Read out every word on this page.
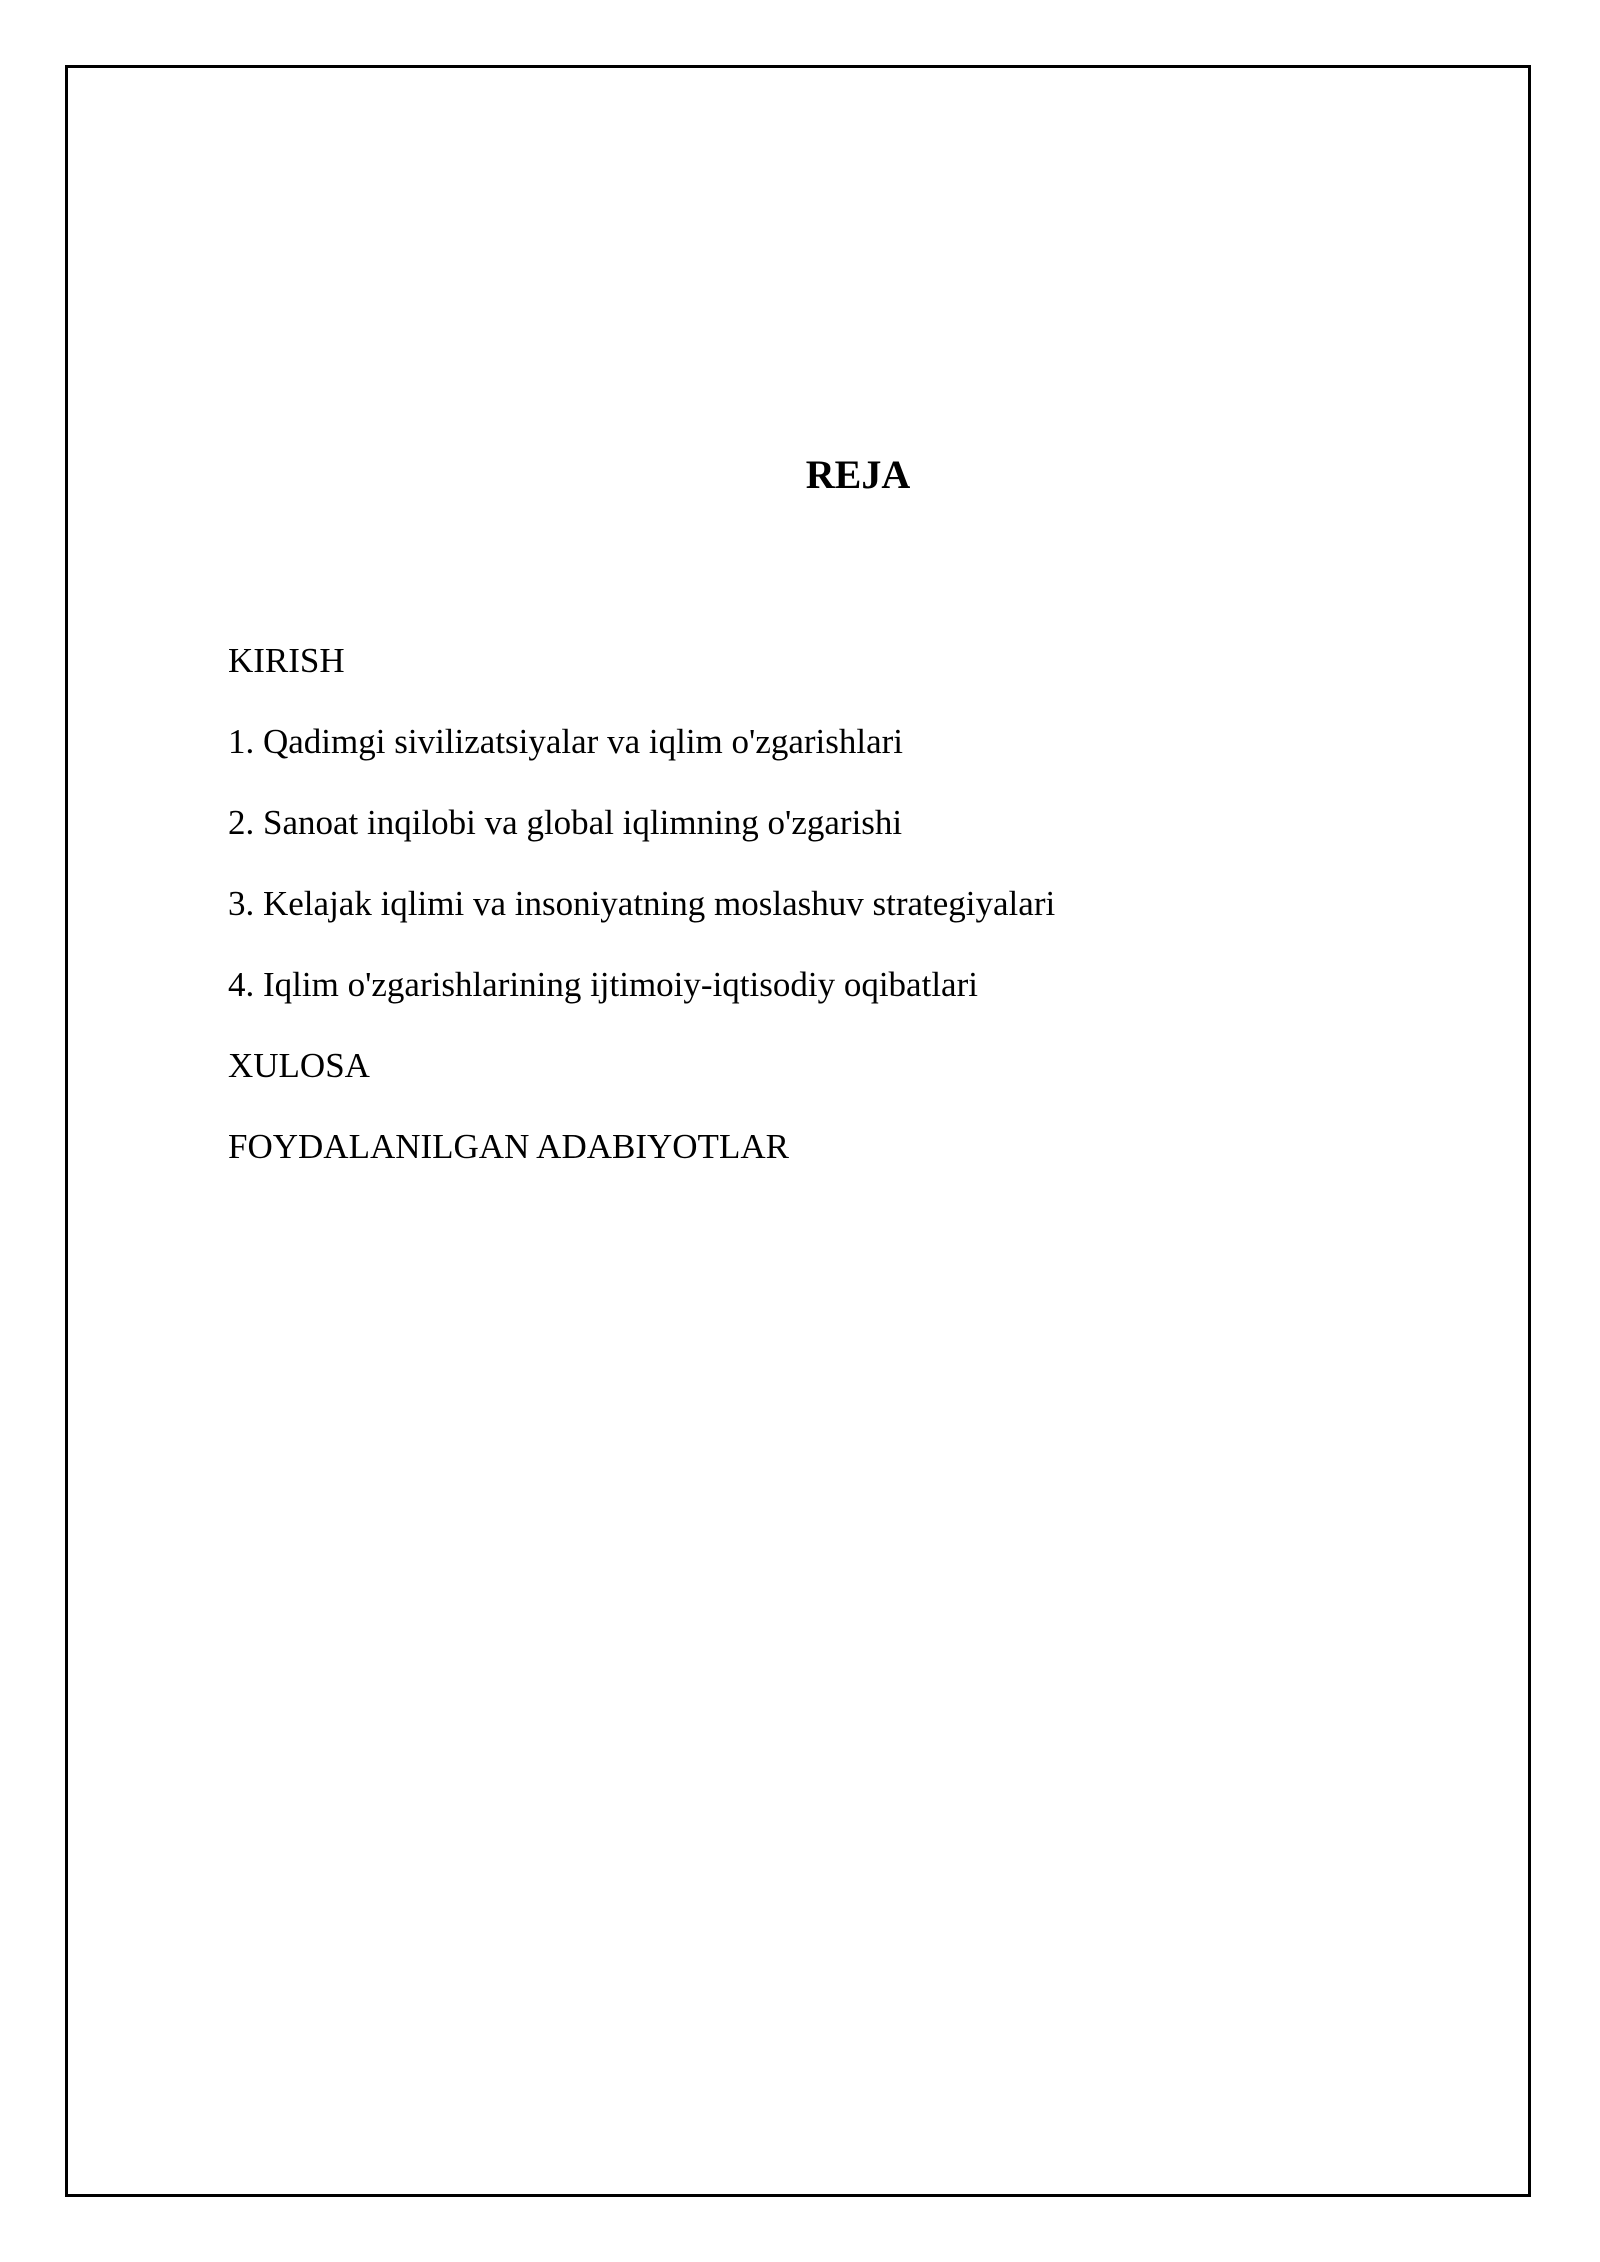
REJA
KIRISH
1. Qadimgi sivilizatsiyalar va iqlim o'zgarishlari
2. Sanoat inqilobi va global iqlimning o'zgarishi
3. Kelajak iqlimi va insoniyatning moslashuv strategiyalari
4. Iqlim o'zgarishlarining ijtimoiy-iqtisodiy oqibatlari
XULOSA
FOYDALANILGAN ADABIYOTLAR
